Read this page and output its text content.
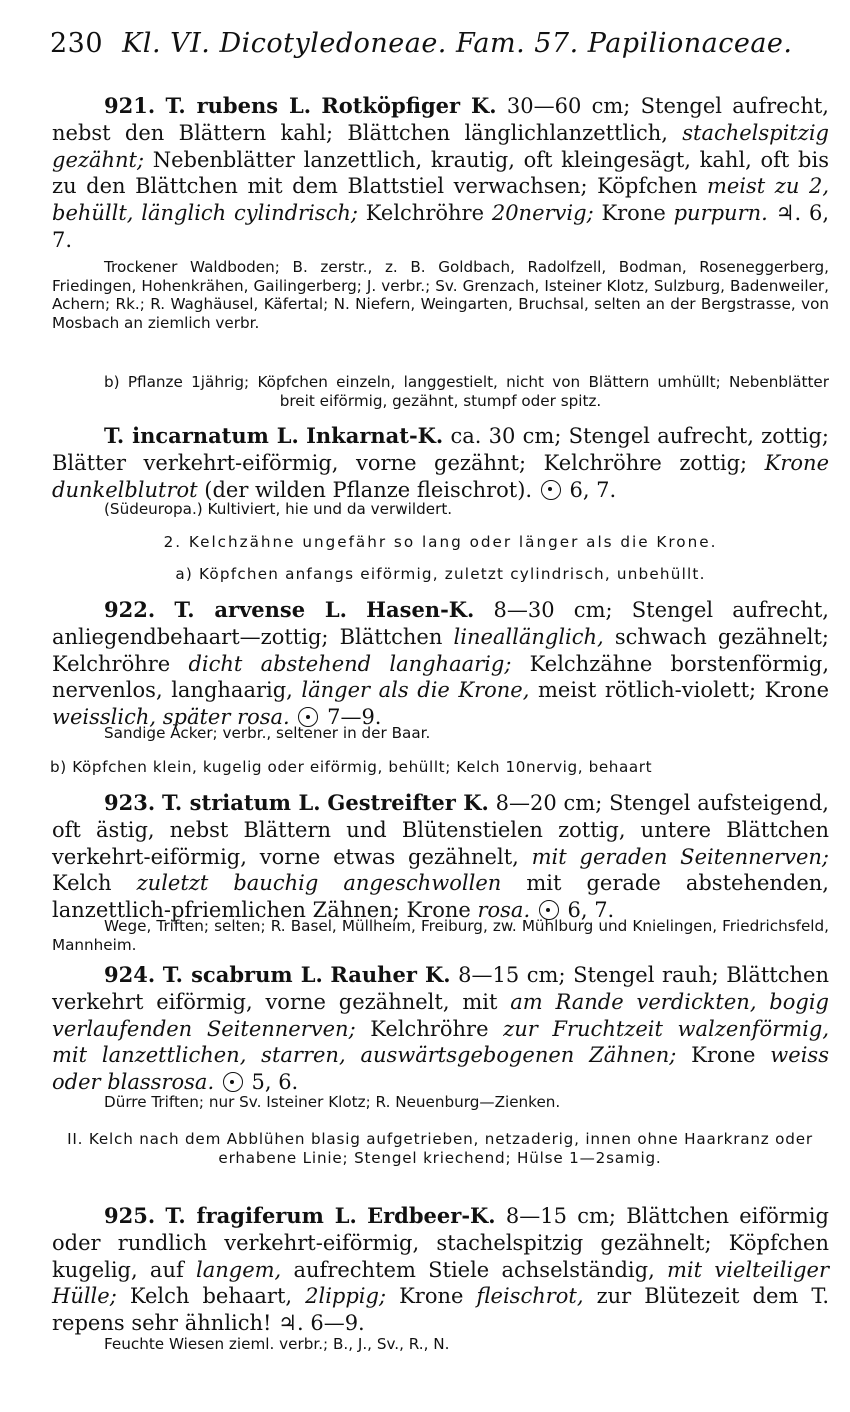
230 Kl. VI. Dicotyledoneae. Fam. 57. Papilionaceae.

921. T. rubens L. Rotköpfiger K. 30—60 cm; Stengel aufrecht, nebst den Blättern kahl; Blättchen länglichlanzettlich, stachelspitzig gezähnt; Nebenblätter lanzettlich, krautig, oft kleingesägt, kahl, oft bis zu den Blättchen mit dem Blattstiel verwachsen; Köpfchen meist zu 2, behüllt, länglich cylindrisch; Kelchröhre 20nervig; Krone purpurn. ♃. 6, 7.

Trockener Waldboden; B. zerstr., z. B. Goldbach, Radolfzell, Bodman, Roseneggerberg, Friedingen, Hohenkrähen, Gailingerberg; J. verbr.; Sv. Grenzach, Isteiner Klotz, Sulzburg, Badenweiler, Achern; Rk.; R. Waghäusel, Käfertal; N. Niefern, Weingarten, Bruchsal, selten an der Bergstrasse, von Mosbach an ziemlich verbr.

b) Pflanze 1jährig; Köpfchen einzeln, langgestielt, nicht von Blättern umhüllt; Nebenblätter breit eiförmig, gezähnt, stumpf oder spitz.

T. incarnatum L. Inkarnat-K. ca. 30 cm; Stengel aufrecht, zottig; Blätter verkehrt-eiförmig, vorne gezähnt; Kelchröhre zottig; Krone dunkelblutrot (der wilden Pflanze fleischrot).  6, 7.

(Südeuropa.) Kultiviert, hie und da verwildert.

2. Kelchzähne ungefähr so lang oder länger als die Krone.

a) Köpfchen anfangs eiförmig, zuletzt cylindrisch, unbehüllt.

922. T. arvense L. Hasen-K. 8—30 cm; Stengel aufrecht, anliegendbehaart—zottig; Blättchen lineallänglich, schwach gezähnelt; Kelchröhre dicht abstehend langhaarig; Kelchzähne borstenförmig, nervenlos, langhaarig, länger als die Krone, meist rötlich-violett; Krone weisslich, später rosa.  7—9.

Sandige Äcker; verbr., seltener in der Baar.

b) Köpfchen klein, kugelig oder eiförmig, behüllt; Kelch 10nervig, behaart

923. T. striatum L. Gestreifter K. 8—20 cm; Stengel aufsteigend, oft ästig, nebst Blättern und Blütenstielen zottig, untere Blättchen verkehrt-eiförmig, vorne etwas gezähnelt, mit geraden Seitennerven; Kelch zuletzt bauchig angeschwollen mit gerade abstehenden, lanzettlich-pfriemlichen Zähnen; Krone rosa.  6, 7.

Wege, Triften; selten; R. Basel, Müllheim, Freiburg, zw. Mühlburg und Knielingen, Friedrichsfeld, Mannheim.

924. T. scabrum L. Rauher K. 8—15 cm; Stengel rauh; Blättchen verkehrt eiförmig, vorne gezähnelt, mit am Rande verdickten, bogig verlaufenden Seitennerven; Kelchröhre zur Fruchtzeit walzenförmig, mit lanzettlichen, starren, auswärtsgebogenen Zähnen; Krone weiss oder blassrosa.  5, 6.

Dürre Triften; nur Sv. Isteiner Klotz; R. Neuenburg—Zienken.

II. Kelch nach dem Abblühen blasig aufgetrieben, netzaderig, innen ohne Haarkranz oder erhabene Linie; Stengel kriechend; Hülse 1—2samig.

925. T. fragiferum L. Erdbeer-K. 8—15 cm; Blättchen eiförmig oder rundlich verkehrt-eiförmig, stachelspitzig gezähnelt; Köpfchen kugelig, auf langem, aufrechtem Stiele achselständig, mit vielteiliger Hülle; Kelch behaart, 2lippig; Krone fleischrot, zur Blütezeit dem T. repens sehr ähnlich! ♃. 6—9.

Feuchte Wiesen zieml. verbr.; B., J., Sv., R., N.
